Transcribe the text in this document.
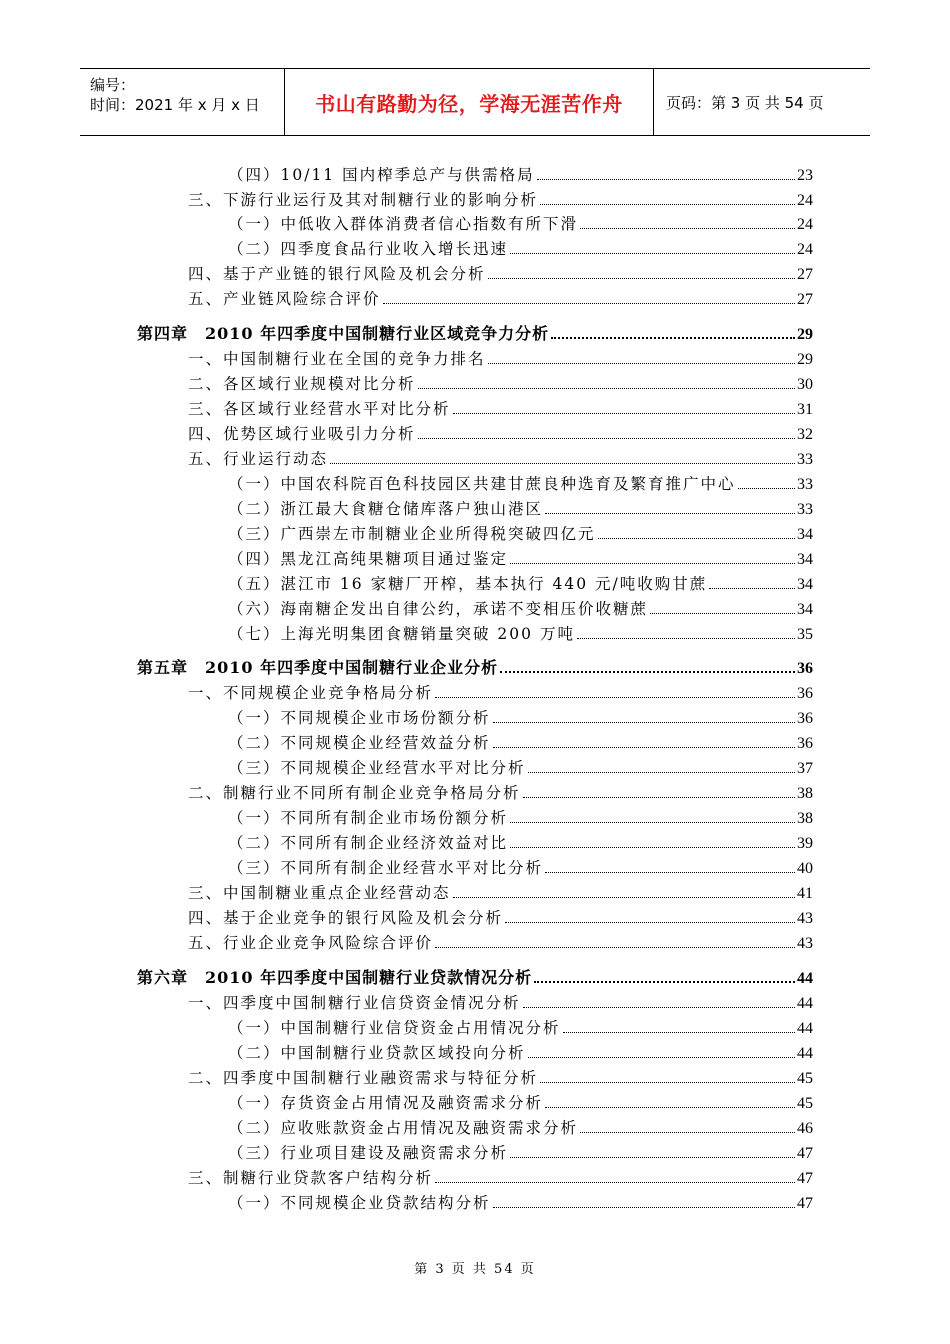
编号：
时间：2021 年 x 月 x 日	书山有路勤为径，学海无涯苦作舟	页码：第 3 页 共 54 页
（四）10/11 国内榨季总产与供需格局	23
三、下游行业运行及其对制糖行业的影响分析	24
（一）中低收入群体消费者信心指数有所下滑	24
（二）四季度食品行业收入增长迅速	24
四、基于产业链的银行风险及机会分析	27
五、产业链风险综合评价	27
第四章　2010 年四季度中国制糖行业区域竞争力分析	29
一、中国制糖行业在全国的竞争力排名	29
二、各区域行业规模对比分析	30
三、各区域行业经营水平对比分析	31
四、优势区域行业吸引力分析	32
五、行业运行动态	33
（一）中国农科院百色科技园区共建甘蔗良种选育及繁育推广中心	33
（二）浙江最大食糖仓储库落户独山港区	33
（三）广西崇左市制糖业企业所得税突破四亿元	34
（四）黑龙江高纯果糖项目通过鉴定	34
（五）湛江市 16 家糖厂开榨，基本执行 440 元/吨收购甘蔗	34
（六）海南糖企发出自律公约，承诺不变相压价收糖蔗	34
（七）上海光明集团食糖销量突破 200 万吨	35
第五章　2010 年四季度中国制糖行业企业分析	36
一、不同规模企业竞争格局分析	36
（一）不同规模企业市场份额分析	36
（二）不同规模企业经营效益分析	36
（三）不同规模企业经营水平对比分析	37
二、制糖行业不同所有制企业竞争格局分析	38
（一）不同所有制企业市场份额分析	38
（二）不同所有制企业经济效益对比	39
（三）不同所有制企业经营水平对比分析	40
三、中国制糖业重点企业经营动态	41
四、基于企业竞争的银行风险及机会分析	43
五、行业企业竞争风险综合评价	43
第六章　2010 年四季度中国制糖行业贷款情况分析	44
一、四季度中国制糖行业信贷资金情况分析	44
（一）中国制糖行业信贷资金占用情况分析	44
（二）中国制糖行业贷款区域投向分析	44
二、四季度中国制糖行业融资需求与特征分析	45
（一）存货资金占用情况及融资需求分析	45
（二）应收账款资金占用情况及融资需求分析	46
（三）行业项目建设及融资需求分析	47
三、制糖行业贷款客户结构分析	47
（一）不同规模企业贷款结构分析	47
第 3 页 共 54 页
